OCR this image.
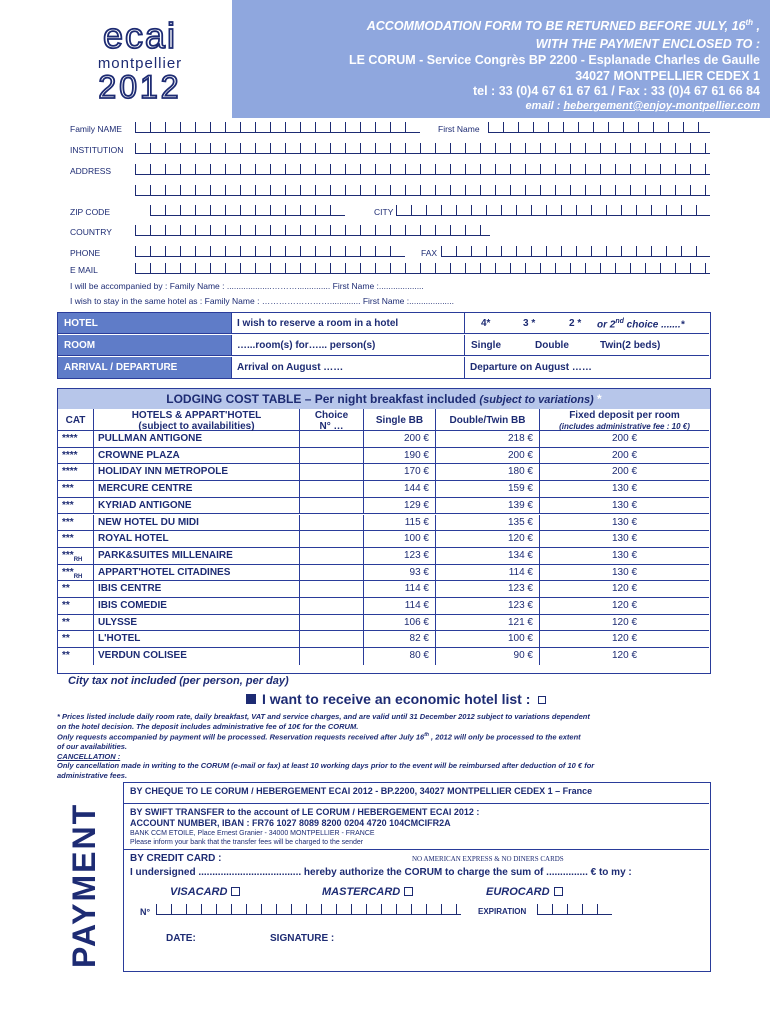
ecai
montpellier
2012
ACCOMMODATION FORM TO BE RETURNED BEFORE JULY, 16th ,
WITH THE PAYMENT ENCLOSED TO :
LE CORUM - Service Congrès BP 2200 - Esplanade Charles de Gaulle
34027 MONTPELLIER CEDEX 1
tel : 33 (0)4 67 61 67 61 / Fax : 33 (0)4 67 61 66 84
email : hebergement@enjoy-montpellier.com
Family NAME	First Name
INSTITUTION
ADDRESS
ZIP CODE	CITY
COUNTRY
PHONE	FAX
E MAIL
I will be accompanied by : Family Name : ...................……….............. First Name :...................
I wish to stay in the same hotel as : Family Name : ……………………............. First Name :...................
HOTEL	I wish to reserve a room in a hotel	4*	3 *	2 * or 2nd choice .......*
ROOM	…...room(s) for…... person(s)	Single	Double	Twin(2 beds)
ARRIVAL / DEPARTURE	Arrival on August ……	Departure on August ……
LODGING COST TABLE – Per night breakfast included (subject to variations) *
CAT	HOTELS & APPART'HOTEL
(subject to availabilities)
Choice
N° …
Single BB	Double/Twin BB	Fixed deposit per room
(includes administrative fee : 10 €)
****	PULLMAN ANTIGONE	200 €	218 €	200 €
****	CROWNE PLAZA	190 €	200 €	200 €
****	HOLIDAY INN METROPOLE	170 €	180 €	200 €
***	MERCURE CENTRE	144 €	159 €	130 €
***	KYRIAD ANTIGONE	129 €	139 €	130 €
***	NEW HOTEL DU MIDI	115 €	135 €	130 €
***	ROYAL HOTEL	100 €	120 €	130 €
$***_{RH}$	PARK&SUITES MILLENAIRE	123 €	134 €	130 €
$***_{RH}$	APPART'HOTEL CITADINES	93 €	114 €	130 €
**	IBIS CENTRE	114 €	123 €	120 €
**	IBIS COMEDIE	114 €	123 €	120 €
**	ULYSSE	106 €	121 €	120 €
**	L'HOTEL	82 €	100 €	120 €
**	VERDUN COLISEE	80 €	90 €	120 €
City tax not included (per person, per day)
I want to receive an economic hotel list :
* Prices listed include daily room rate, daily breakfast, VAT and service charges, and are valid until 31 December 2012 subject to variations dependent
on the hotel decision. The deposit includes administrative fee of 10€ for the CORUM.
Only requests accompanied by payment will be processed. Reservation requests received after July 16th , 2012 will only be processed to the extent
of our availabilities.
CANCELLATION :
Only cancellation made in writing to the CORUM (e-mail or fax) at least 10 working days prior to the event will be reimbursed after deduction of 10 € for
administrative fees.
PAYMENT
BY CHEQUE TO LE CORUM / HEBERGEMENT ECAI 2012 - BP.2200, 34027 MONTPELLIER CEDEX 1 – France
BY SWIFT TRANSFER to the account of LE CORUM / HEBERGEMENT ECAI 2012 :
ACCOUNT NUMBER, IBAN : FR76 1027 8089 8200 0204 4720 104CMCIFR2A
BANK CCM ETOILE, Place Ernest Granier - 34000 MONTPELLIER - FRANCE
Please inform your bank that the transfer fees will be charged to the sender
BY CREDIT CARD :	NO AMERICAN EXPRESS & NO DINERS CARDS
I undersigned ..................................... hereby authorize the CORUM to charge the sum of ............... € to my :
VISACARD	MASTERCARD	EUROCARD
N°	EXPIRATION
DATE:	SIGNATURE :
